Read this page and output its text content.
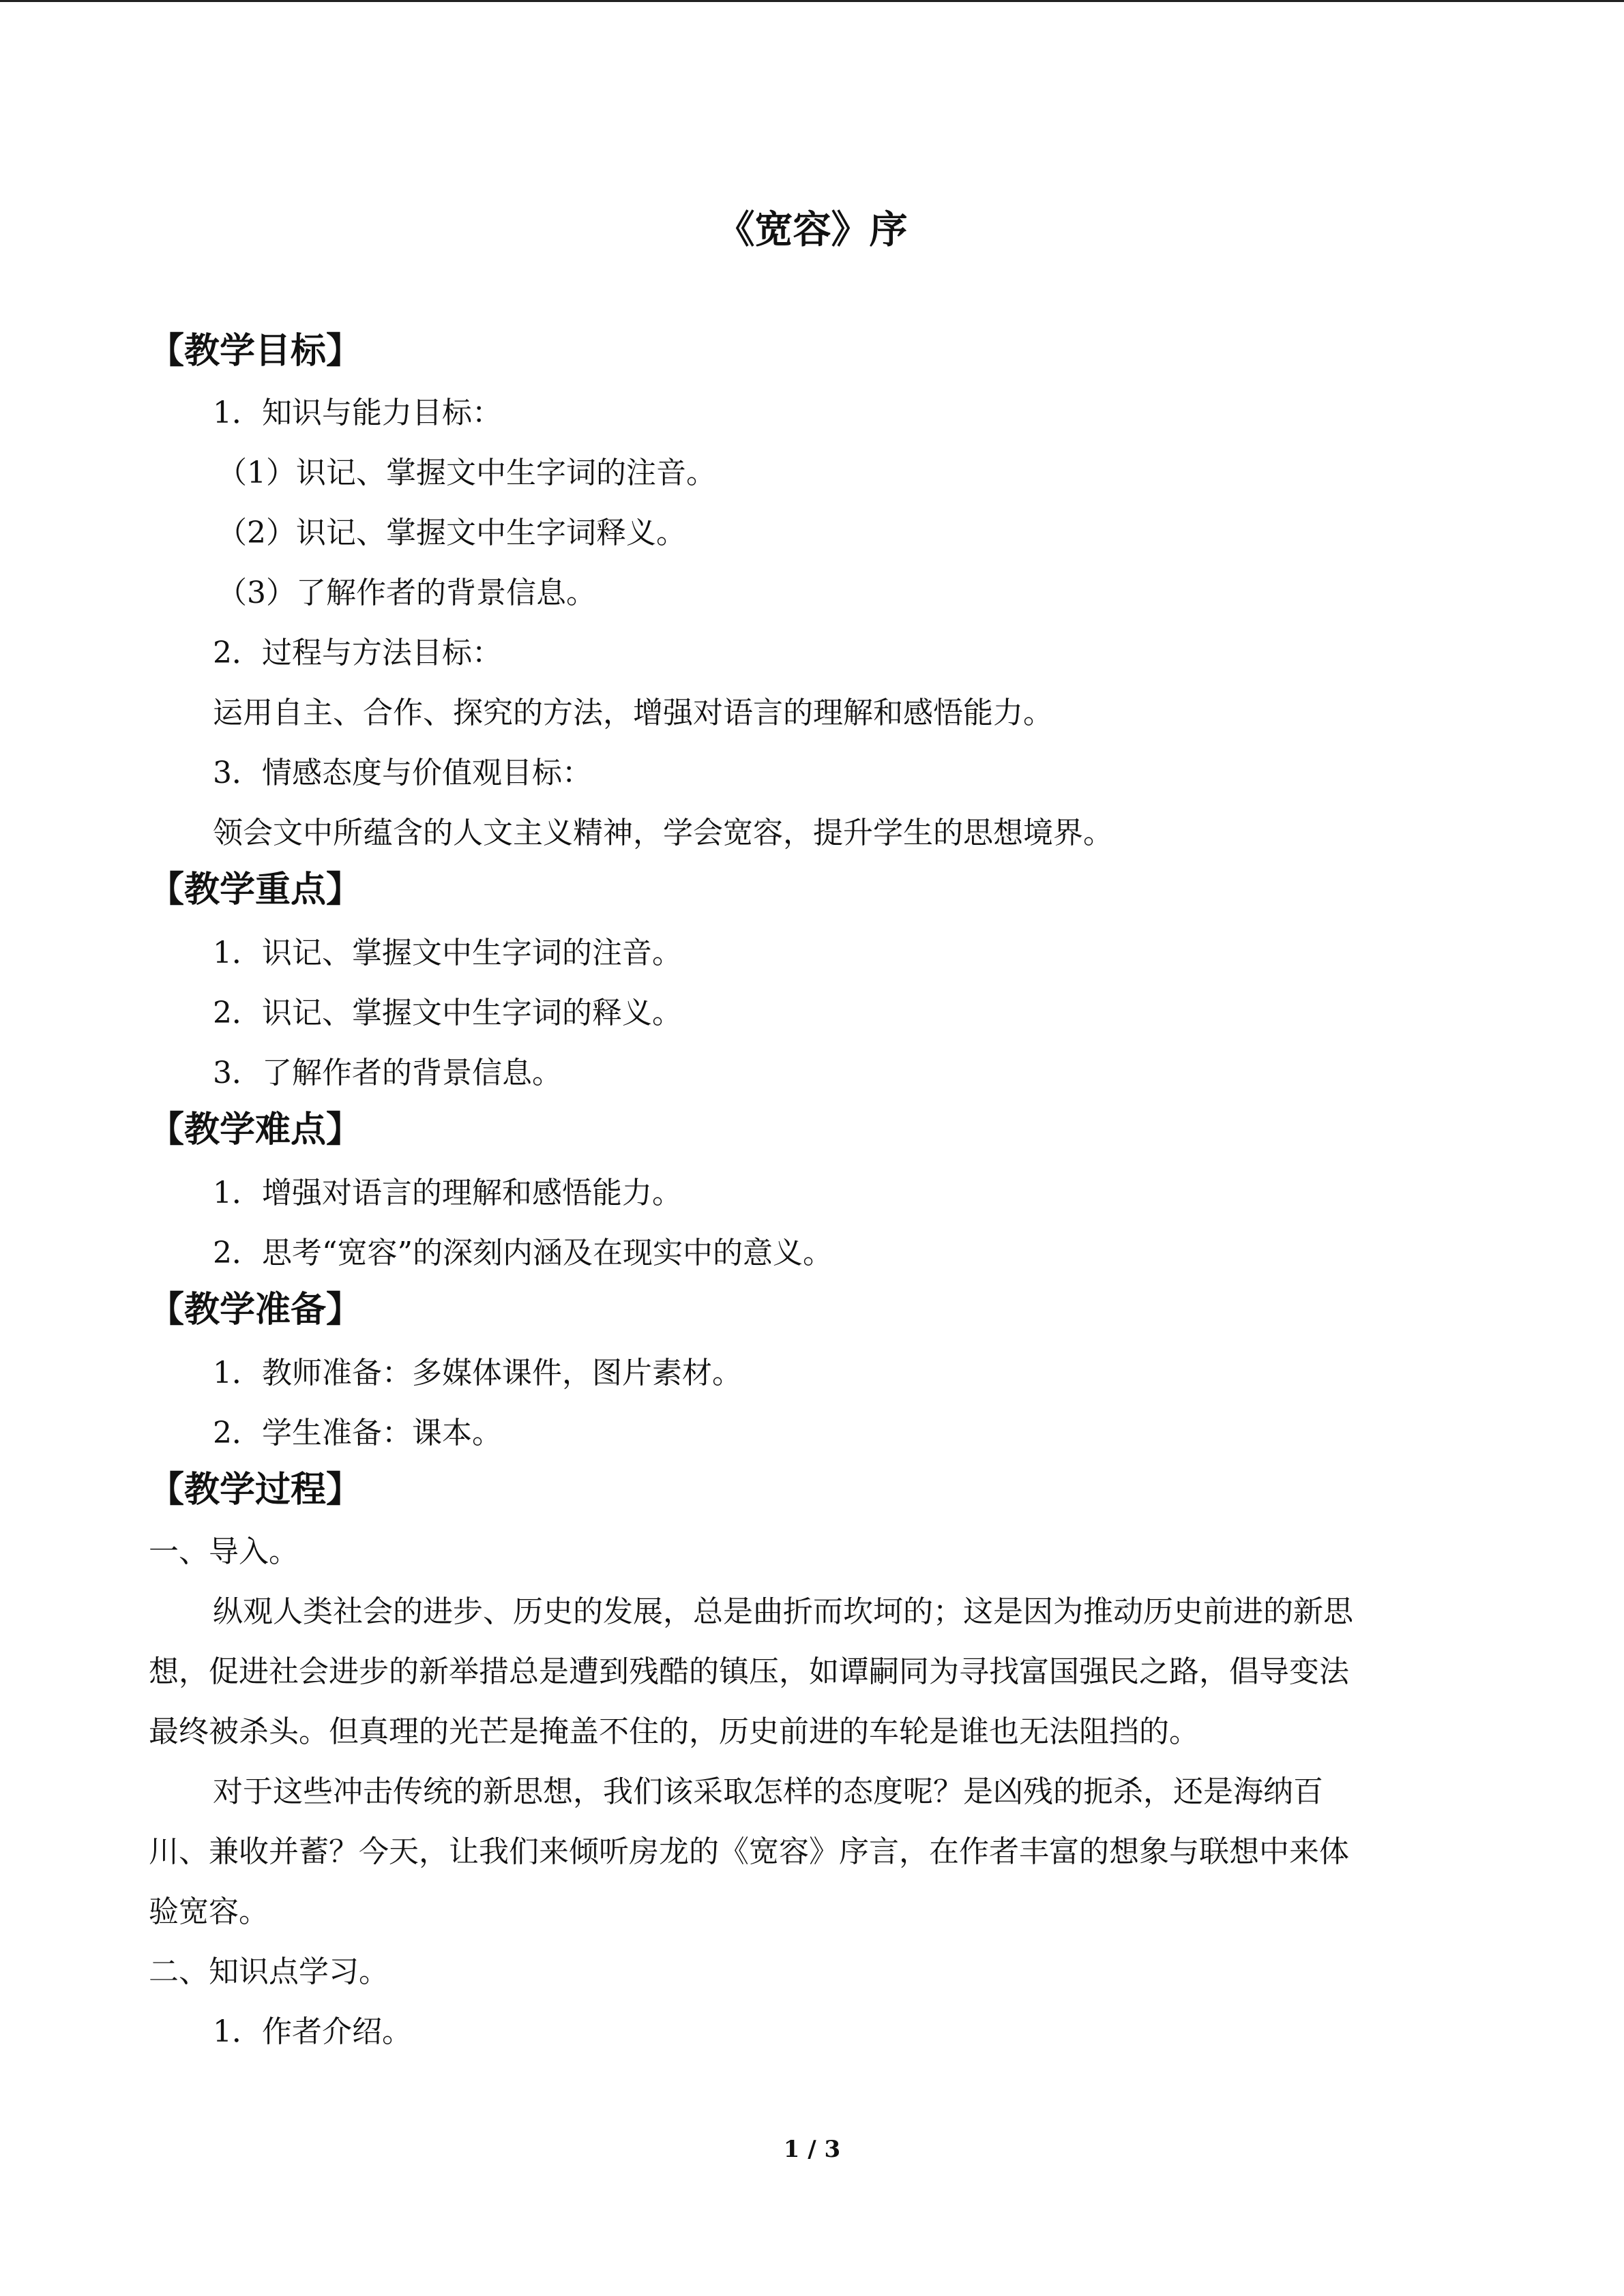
《宽容》序
【教学目标】
1．知识与能力目标：
（1）识记、掌握文中生字词的注音。
（2）识记、掌握文中生字词释义。
（3）了解作者的背景信息。
2．过程与方法目标：
运用自主、合作、探究的方法，增强对语言的理解和感悟能力。
3．情感态度与价值观目标：
领会文中所蕴含的人文主义精神，学会宽容，提升学生的思想境界。
【教学重点】
1．识记、掌握文中生字词的注音。
2．识记、掌握文中生字词的释义。
3．了解作者的背景信息。
【教学难点】
1．增强对语言的理解和感悟能力。
2．思考“宽容”的深刻内涵及在现实中的意义。
【教学准备】
1．教师准备：多媒体课件，图片素材。
2．学生准备：课本。
【教学过程】
一、导入。
纵观人类社会的进步、历史的发展，总是曲折而坎坷的；这是因为推动历史前进的新思
想，促进社会进步的新举措总是遭到残酷的镇压，如谭嗣同为寻找富国强民之路，倡导变法
最终被杀头。但真理的光芒是掩盖不住的，历史前进的车轮是谁也无法阻挡的。
对于这些冲击传统的新思想，我们该采取怎样的态度呢？是凶残的扼杀，还是海纳百
川、兼收并蓄？今天，让我们来倾听房龙的《宽容》序言，在作者丰富的想象与联想中来体
验宽容。
二、知识点学习。
1．作者介绍。
1 / 3
